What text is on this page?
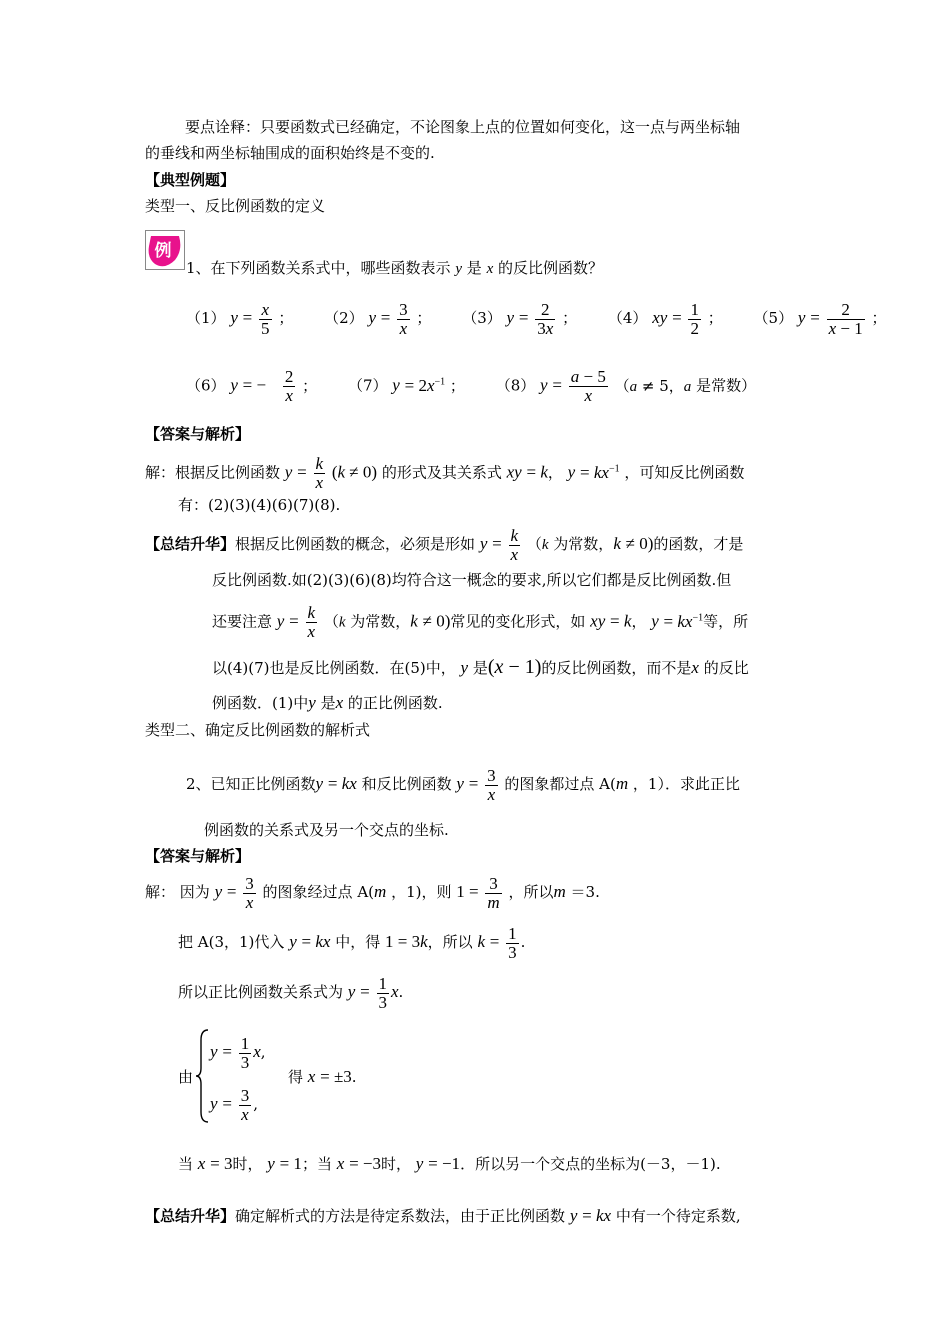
要点诠释：只要函数式已经确定，不论图象上点的位置如何变化，这一点与两坐标轴
的垂线和两坐标轴围成的面积始终是不变的.
【典型例题】
类型一、反比例函数的定义
例
1、在下列函数关系式中，哪些函数表示 y 是 x 的反比例函数？
（1） $y = \frac{x}{5}$ ； （2） $y = \frac{3}{x}$ ； （3） $y = \frac{2}{3x}$ ； （4） xy = $\frac{1}{2}$ ； （5） $y = \frac{2}{x - 1}$ ；
（6） y = − $\frac{2}{x}$ ； （7） $y = 2x^{-1}$ ； （8） $y = \frac{a - 5}{x} (a \ne 5$，a 是常数）
【答案与解析】
解：根据反比例函数 $y = \frac{k}{x} (k \ne 0)$ 的形式及其关系式 xy = k， $y = kx^{-1}$ ，可知反比例函数
有：(2)(3)(4)(6)(7)(8).
【总结升华】根据反比例函数的概念，必须是形如 $y = \frac{k}{x} (k$ 为常数，k ≠ 0)的函数，才是
反比例函数.如(2)(3)(6)(8)均符合这一概念的要求,所以它们都是反比例函数.但
还要注意 $y = \frac{k}{x} (k$ 为常数，k ≠ 0)常见的变化形式，如 xy = k， $y = kx^{-1}$等，所
以(4)(7)也是反比例函数．在(5)中， y 是(x − 1)的反比例函数，而不是x 的反比
例函数．(1)中y 是x 的正比例函数.
类型二、确定反比例函数的解析式
2、已知正比例函数y = kx 和反比例函数 $y = \frac{3}{x}$ 的图象都过点 A(m ，1）．求此正比
例函数的关系式及另一个交点的坐标.
【答案与解析】
解： 因为 $y = \frac{3}{x}$ 的图象经过点 A(m ，1)，则 $1 = \frac{3}{m}$ ，所以m ＝3.
把 A(3，1)代入 y = kx 中，得 1 = 3k，所以 $k = \frac{1}{3}$ .
所以正比例函数关系式为 $y = \frac{1}{3} x$.
由
$y = \frac{1}{3} x$,
$y = \frac{3}{x}$ ,
得 x = ±3.
当 x = 3时， y = 1；当 x = −3时， y = −1．所以另一个交点的坐标为(－3，－1).
【总结升华】确定解析式的方法是待定系数法，由于正比例函数 y = kx 中有一个待定系数,
